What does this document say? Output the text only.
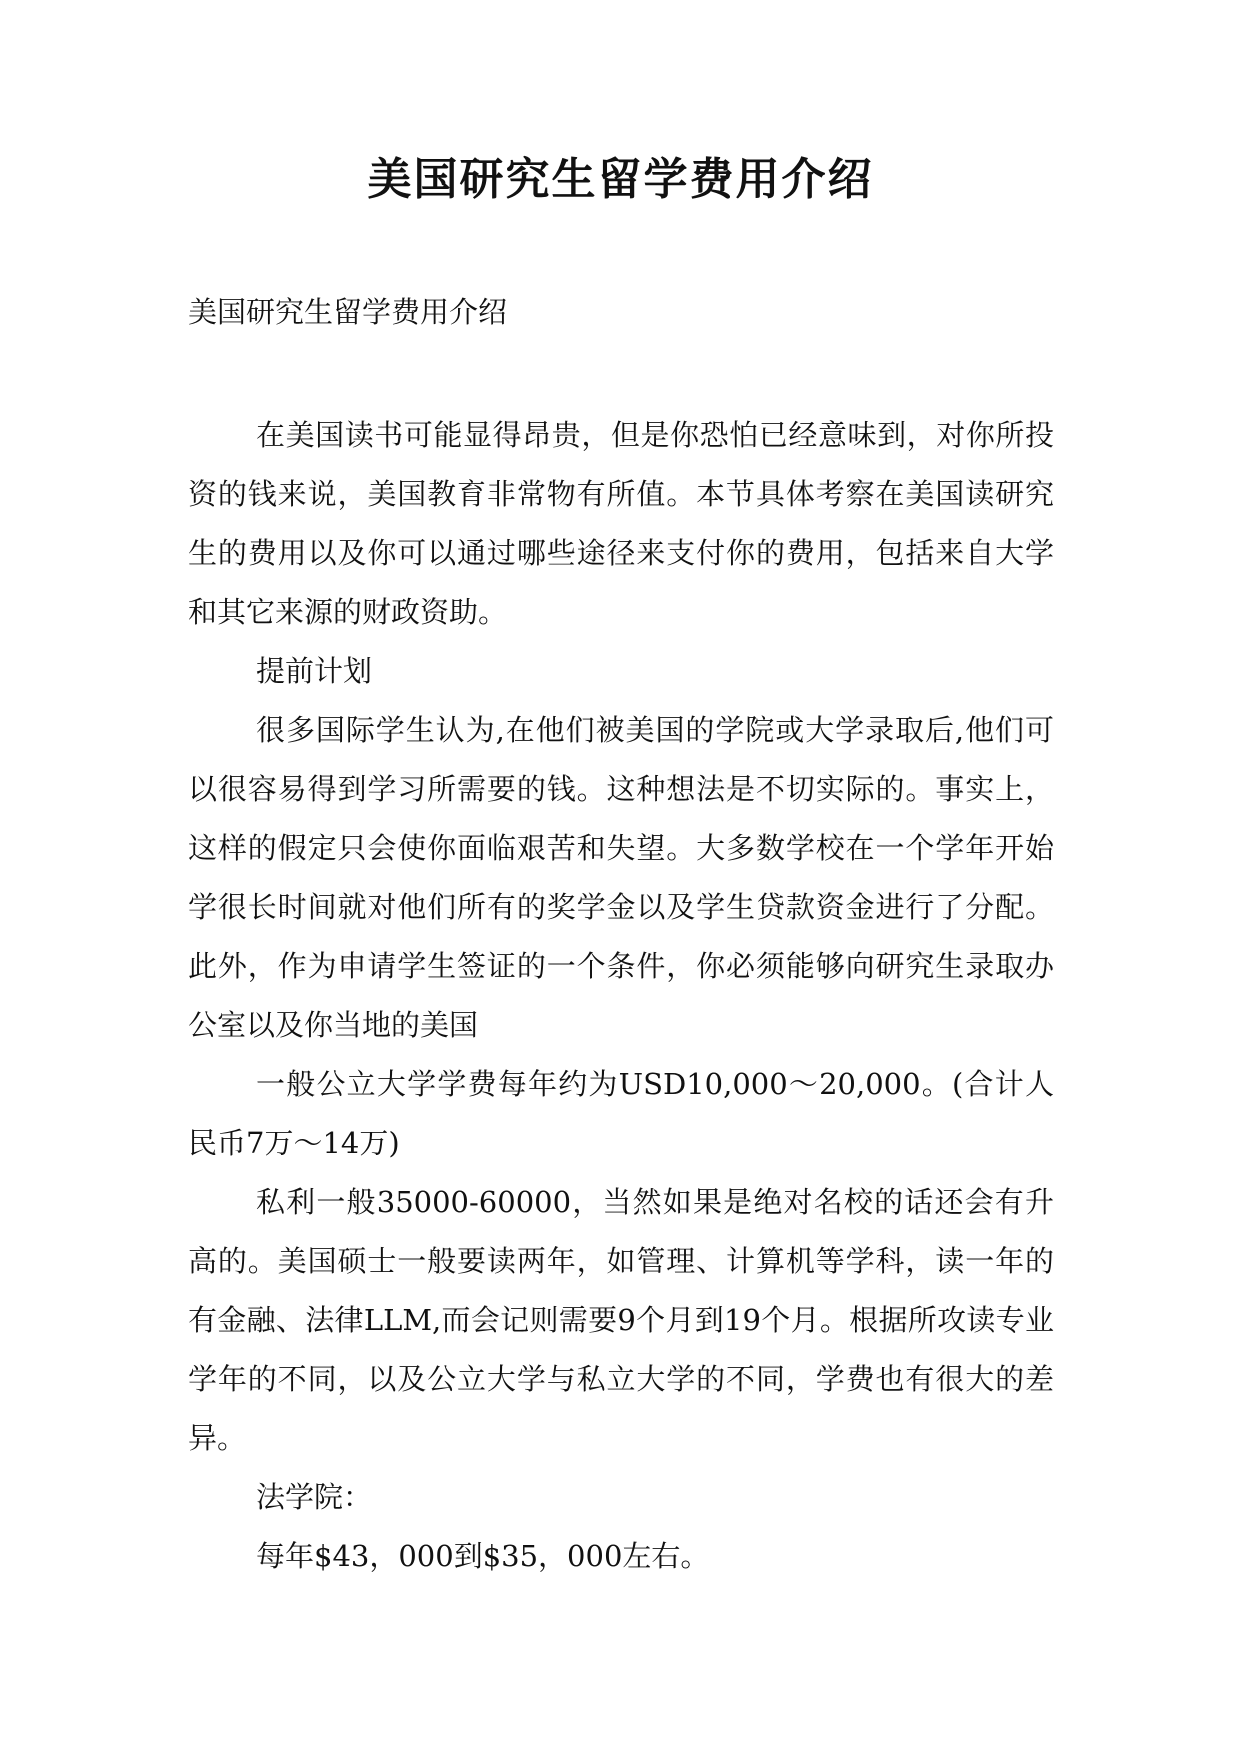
美国研究生留学费用介绍

美国研究生留学费用介绍

在美国读书可能显得昂贵，但是你恐怕已经意味到，对你所投资的钱来说，美国教育非常物有所值。本节具体考察在美国读研究生的费用以及你可以通过哪些途径来支付你的费用，包括来自大学和其它来源的财政资助。

提前计划

很多国际学生认为,在他们被美国的学院或大学录取后,他们可以很容易得到学习所需要的钱。这种想法是不切实际的。事实上，这样的假定只会使你面临艰苦和失望。大多数学校在一个学年开始学很长时间就对他们所有的奖学金以及学生贷款资金进行了分配。此外，作为申请学生签证的一个条件，你必须能够向研究生录取办公室以及你当地的美国

一般公立大学学费每年约为USD10,000～20,000。(合计人民币7万～14万)

私利一般35000-60000，当然如果是绝对名校的话还会有升高的。美国硕士一般要读两年，如管理、计算机等学科，读一年的有金融、法律LLM,而会记则需要9个月到19个月。根据所攻读专业学年的不同，以及公立大学与私立大学的不同，学费也有很大的差异。

法学院：

每年$43，000到$35，000左右。
